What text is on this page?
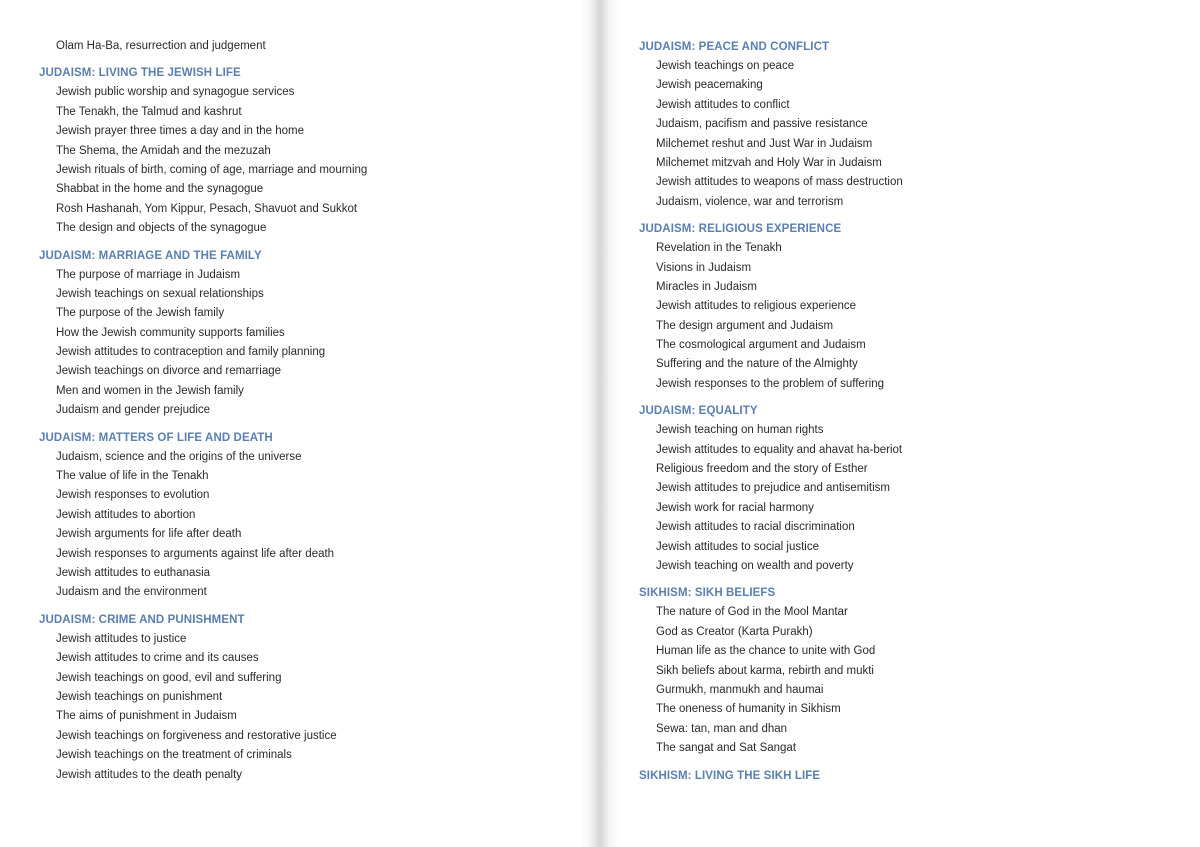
Olam Ha-Ba, resurrection and judgement
JUDAISM: LIVING THE JEWISH LIFE
Jewish public worship and synagogue services
The Tenakh, the Talmud and kashrut
Jewish prayer three times a day and in the home
The Shema, the Amidah and the mezuzah
Jewish rituals of birth, coming of age, marriage and mourning
Shabbat in the home and the synagogue
Rosh Hashanah, Yom Kippur, Pesach, Shavuot and Sukkot
The design and objects of the synagogue
JUDAISM: MARRIAGE AND THE FAMILY
The purpose of marriage in Judaism
Jewish teachings on sexual relationships
The purpose of the Jewish family
How the Jewish community supports families
Jewish attitudes to contraception and family planning
Jewish teachings on divorce and remarriage
Men and women in the Jewish family
Judaism and gender prejudice
JUDAISM: MATTERS OF LIFE AND DEATH
Judaism, science and the origins of the universe
The value of life in the Tenakh
Jewish responses to evolution
Jewish attitudes to abortion
Jewish arguments for life after death
Jewish responses to arguments against life after death
Jewish attitudes to euthanasia
Judaism and the environment
JUDAISM: CRIME AND PUNISHMENT
Jewish attitudes to justice
Jewish attitudes to crime and its causes
Jewish teachings on good, evil and suffering
Jewish teachings on punishment
The aims of punishment in Judaism
Jewish teachings on forgiveness and restorative justice
Jewish teachings on the treatment of criminals
Jewish attitudes to the death penalty
JUDAISM: PEACE AND CONFLICT
Jewish teachings on peace
Jewish peacemaking
Jewish attitudes to conflict
Judaism, pacifism and passive resistance
Milchemet reshut and Just War in Judaism
Milchemet mitzvah and Holy War in Judaism
Jewish attitudes to weapons of mass destruction
Judaism, violence, war and terrorism
JUDAISM: RELIGIOUS EXPERIENCE
Revelation in the Tenakh
Visions in Judaism
Miracles in Judaism
Jewish attitudes to religious experience
The design argument and Judaism
The cosmological argument and Judaism
Suffering and the nature of the Almighty
Jewish responses to the problem of suffering
JUDAISM: EQUALITY
Jewish teaching on human rights
Jewish attitudes to equality and ahavat ha-beriot
Religious freedom and the story of Esther
Jewish attitudes to prejudice and antisemitism
Jewish work for racial harmony
Jewish attitudes to racial discrimination
Jewish attitudes to social justice
Jewish teaching on wealth and poverty
SIKHISM: SIKH BELIEFS
The nature of God in the Mool Mantar
God as Creator (Karta Purakh)
Human life as the chance to unite with God
Sikh beliefs about karma, rebirth and mukti
Gurmukh, manmukh and haumai
The oneness of humanity in Sikhism
Sewa: tan, man and dhan
The sangat and Sat Sangat
SIKHISM: LIVING THE SIKH LIFE
